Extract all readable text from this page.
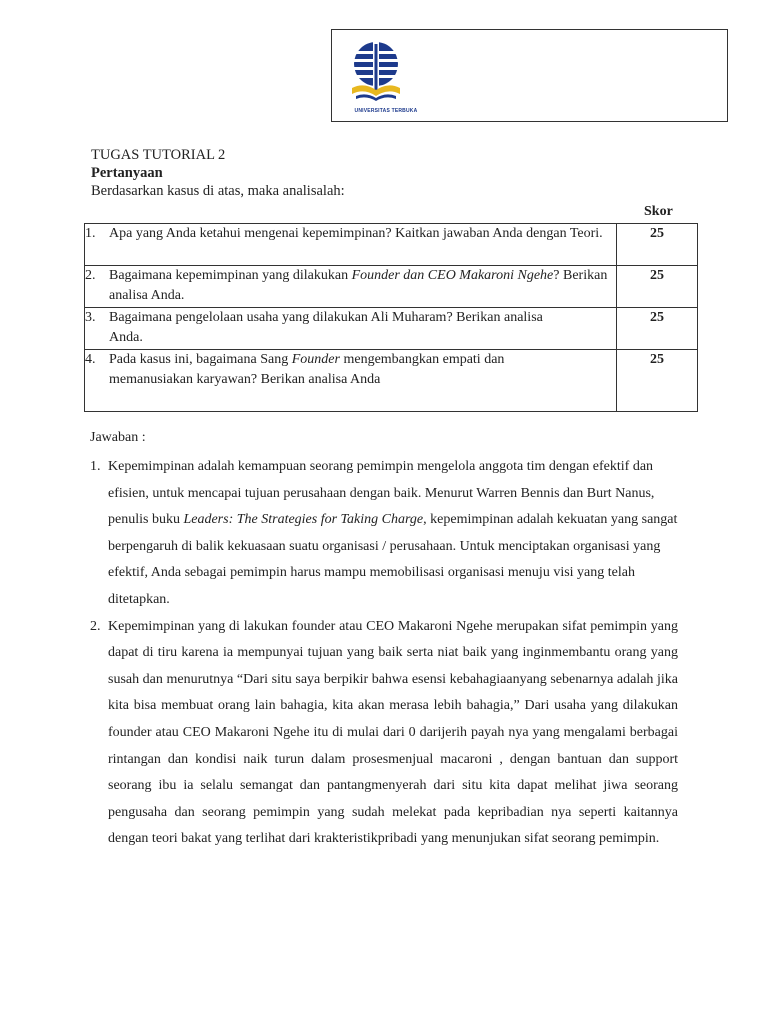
UNIVERSITAS TERBUKA
TUGAS TUTORIAL 2
Pertanyaan
Berdasarkan kasus di atas, maka analisalah:
Skor
1. Apa yang Anda ketahui mengenai kepemimpinan? Kaitkan jawaban Anda dengan Teori.	25

2. Bagaimana kepemimpinan yang dilakukan Founder dan CEO Makaroni Ngehe? Berikan analisa Anda.	25

3. Bagaimana pengelolaan usaha yang dilakukan Ali Muharam? Berikan analisa Anda.	25

4. Pada kasus ini, bagaimana Sang Founder mengembangkan empati dan memanusiakan karyawan? Berikan analisa Anda	25
Jawaban :
1. Kepemimpinan adalah kemampuan seorang pemimpin mengelola anggota tim dengan efektif dan efisien, untuk mencapai tujuan perusahaan dengan baik. Menurut Warren Bennis dan Burt Nanus, penulis buku Leaders: The Strategies for Taking Charge, kepemimpinan adalah kekuatan yang sangat berpengaruh di balik kekuasaan suatu organisasi / perusahaan. Untuk menciptakan organisasi yang efektif, Anda sebagai pemimpin harus mampu memobilisasi organisasi menuju visi yang telah ditetapkan.
2. Kepemimpinan yang di lakukan founder atau CEO Makaroni Ngehe merupakan sifat pemimpin yang dapat di tiru karena ia mempunyai tujuan yang baik serta niat baik yang inginmembantu orang yang susah dan menurutnya “Dari situ saya berpikir bahwa esensi kebahagiaanyang sebenarnya adalah jika kita bisa membuat orang lain bahagia, kita akan merasa lebih bahagia,” Dari usaha yang dilakukan founder atau CEO Makaroni Ngehe itu di mulai dari 0 darijerih payah nya yang mengalami berbagai rintangan dan kondisi naik turun dalam prosesmenjual macaroni , dengan bantuan dan support seorang ibu ia selalu semangat dan pantangmenyerah dari situ kita dapat melihat jiwa seorang pengusaha dan seorang pemimpin yang sudah melekat pada kepribadian nya seperti kaitannya dengan teori bakat yang terlihat dari krakteristikpribadi yang menunjukan sifat seorang pemimpin.
